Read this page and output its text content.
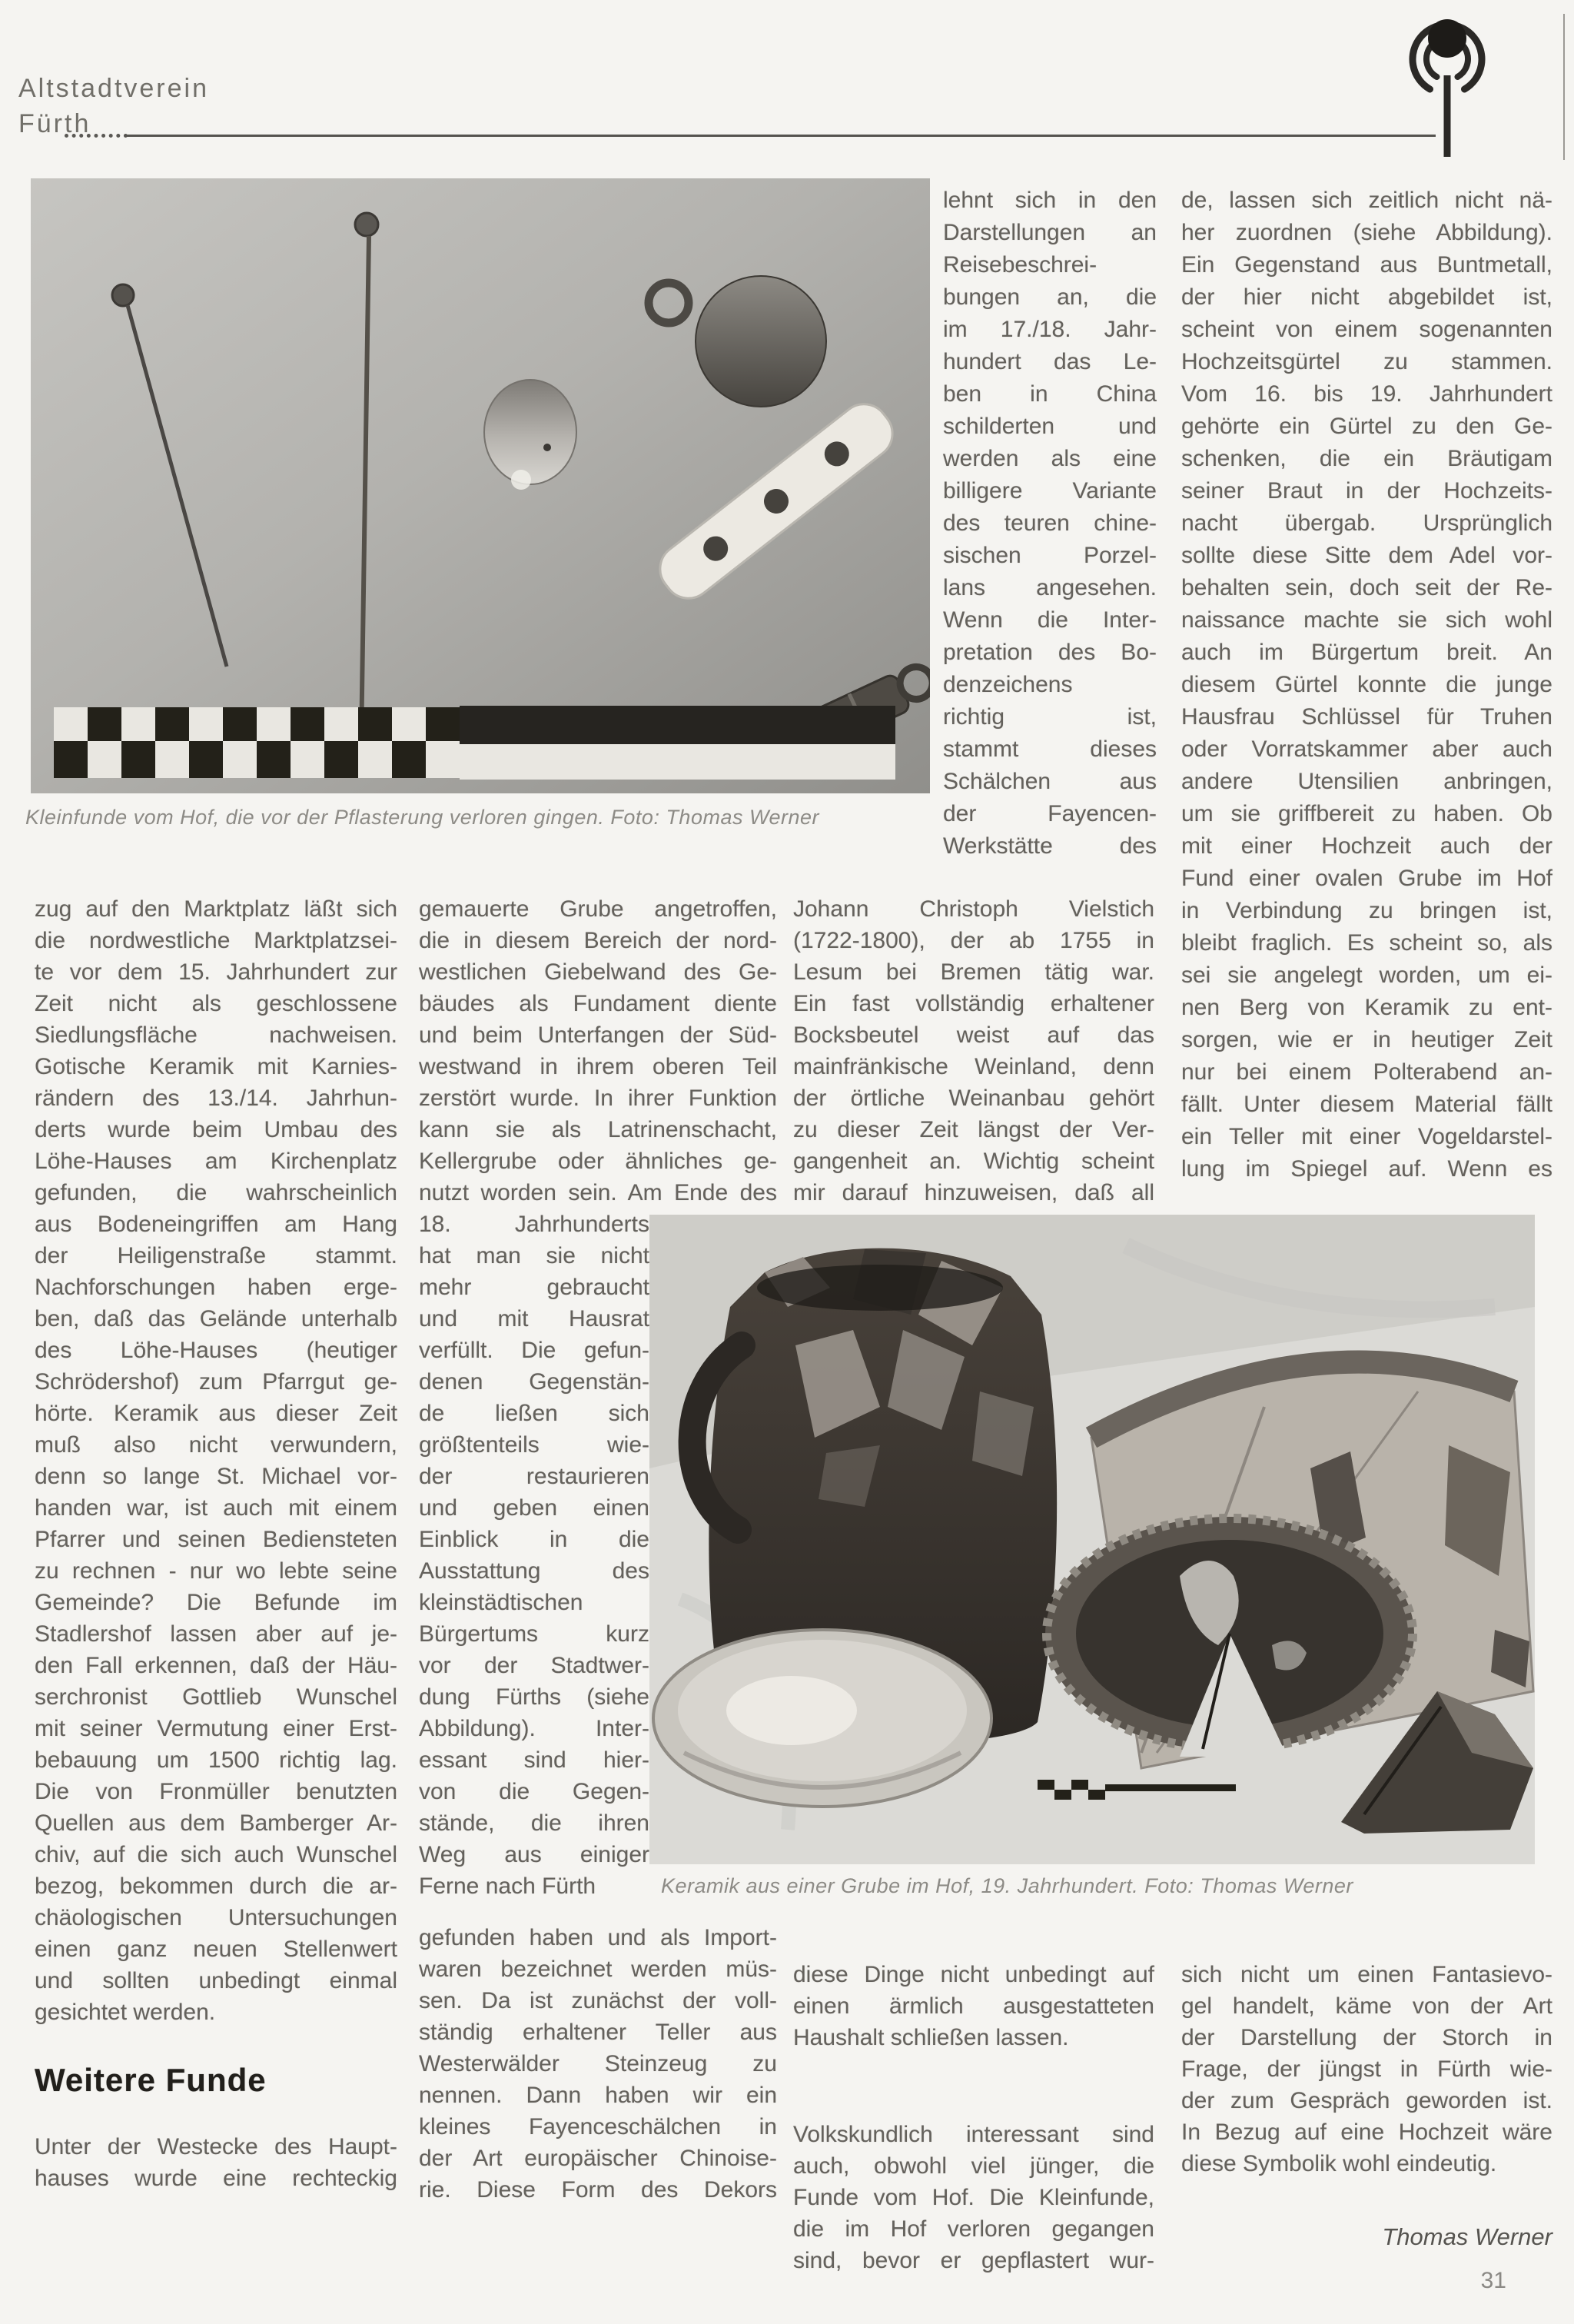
Altstadtverein
Fürth
Kleinfunde vom Hof, die vor der Pflasterung verloren gingen. Foto: Thomas Werner
Keramik aus einer Grube im Hof, 19. Jahrhundert. Foto: Thomas Werner
zug auf den Marktplatz läßt sich
die nordwestliche Marktplatzsei-
te vor dem 15. Jahrhundert zur
Zeit nicht als geschlossene
Siedlungsfläche nachweisen.
Gotische Keramik mit Karnies-
rändern des 13./14. Jahrhun-
derts wurde beim Umbau des
Löhe-Hauses am Kirchenplatz
gefunden, die wahrscheinlich
aus Bodeneingriffen am Hang
der Heiligenstraße stammt.
Nachforschungen haben erge-
ben, daß das Gelände unterhalb
des Löhe-Hauses (heutiger
Schrödershof) zum Pfarrgut ge-
hörte. Keramik aus dieser Zeit
muß also nicht verwundern,
denn so lange St. Michael vor-
handen war, ist auch mit einem
Pfarrer und seinen Bediensteten
zu rechnen - nur wo lebte seine
Gemeinde? Die Befunde im
Stadlershof lassen aber auf je-
den Fall erkennen, daß der Häu-
serchronist Gottlieb Wunschel
mit seiner Vermutung einer Erst-
bebauung um 1500 richtig lag.
Die von Fronmüller benutzten
Quellen aus dem Bamberger Ar-
chiv, auf die sich auch Wunschel
bezog, bekommen durch die ar-
chäologischen Untersuchungen
einen ganz neuen Stellenwert
und sollten unbedingt einmal
gesichtet werden.
Weitere Funde
Unter der Westecke des Haupt-
hauses wurde eine rechteckig
gemauerte Grube angetroffen,
die in diesem Bereich der nord-
westlichen Giebelwand des Ge-
bäudes als Fundament diente
und beim Unterfangen der Süd-
westwand in ihrem oberen Teil
zerstört wurde. In ihrer Funktion
kann sie als Latrinenschacht,
Kellergrube oder ähnliches ge-
nutzt worden sein. Am Ende des
18. Jahrhunderts
hat man sie nicht
mehr gebraucht
und mit Hausrat
verfüllt. Die gefun-
denen Gegenstän-
de ließen sich
größtenteils wie-
der restaurieren
und geben einen
Einblick in die
Ausstattung des
kleinstädtischen
Bürgertums kurz
vor der Stadtwer-
dung Fürths (siehe
Abbildung). Inter-
essant sind hier-
von die Gegen-
stände, die ihren
Weg aus einiger
Ferne nach Fürth
gefunden haben und als Import-
waren bezeichnet werden müs-
sen. Da ist zunächst der voll-
ständig erhaltener Teller aus
Westerwälder Steinzeug zu
nennen. Dann haben wir ein
kleines Fayenceschälchen in
der Art europäischer Chinoise-
rie. Diese Form des Dekors
lehnt sich in den
Darstellungen an
Reisebeschrei-
bungen an, die
im 17./18. Jahr-
hundert das Le-
ben in China
schilderten und
werden als eine
billigere Variante
des teuren chine-
sischen Porzel-
lans angesehen.
Wenn die Inter-
pretation des Bo-
denzeichens
richtig ist,
stammt dieses
Schälchen aus
der Fayencen-
Werkstätte des
Johann Christoph Vielstich
(1722-1800), der ab 1755 in
Lesum bei Bremen tätig war.
Ein fast vollständig erhaltener
Bocksbeutel weist auf das
mainfränkische Weinland, denn
der örtliche Weinanbau gehört
zu dieser Zeit längst der Ver-
gangenheit an. Wichtig scheint
mir darauf hinzuweisen, daß all
diese Dinge nicht unbedingt auf
einen ärmlich ausgestatteten
Haushalt schließen lassen.
Volkskundlich interessant sind
auch, obwohl viel jünger, die
Funde vom Hof. Die Kleinfunde,
die im Hof verloren gegangen
sind, bevor er gepflastert wur-
de, lassen sich zeitlich nicht nä-
her zuordnen (siehe Abbildung).
Ein Gegenstand aus Buntmetall,
der hier nicht abgebildet ist,
scheint von einem sogenannten
Hochzeitsgürtel zu stammen.
Vom 16. bis 19. Jahrhundert
gehörte ein Gürtel zu den Ge-
schenken, die ein Bräutigam
seiner Braut in der Hochzeits-
nacht übergab. Ursprünglich
sollte diese Sitte dem Adel vor-
behalten sein, doch seit der Re-
naissance machte sie sich wohl
auch im Bürgertum breit. An
diesem Gürtel konnte die junge
Hausfrau Schlüssel für Truhen
oder Vorratskammer aber auch
andere Utensilien anbringen,
um sie griffbereit zu haben. Ob
mit einer Hochzeit auch der
Fund einer ovalen Grube im Hof
in Verbindung zu bringen ist,
bleibt fraglich. Es scheint so, als
sei sie angelegt worden, um ei-
nen Berg von Keramik zu ent-
sorgen, wie er in heutiger Zeit
nur bei einem Polterabend an-
fällt. Unter diesem Material fällt
ein Teller mit einer Vogeldarstel-
lung im Spiegel auf. Wenn es
sich nicht um einen Fantasievo-
gel handelt, käme von der Art
der Darstellung der Storch in
Frage, der jüngst in Fürth wie-
der zum Gespräch geworden ist.
In Bezug auf eine Hochzeit wäre
diese Symbolik wohl eindeutig.
Thomas Werner
31
